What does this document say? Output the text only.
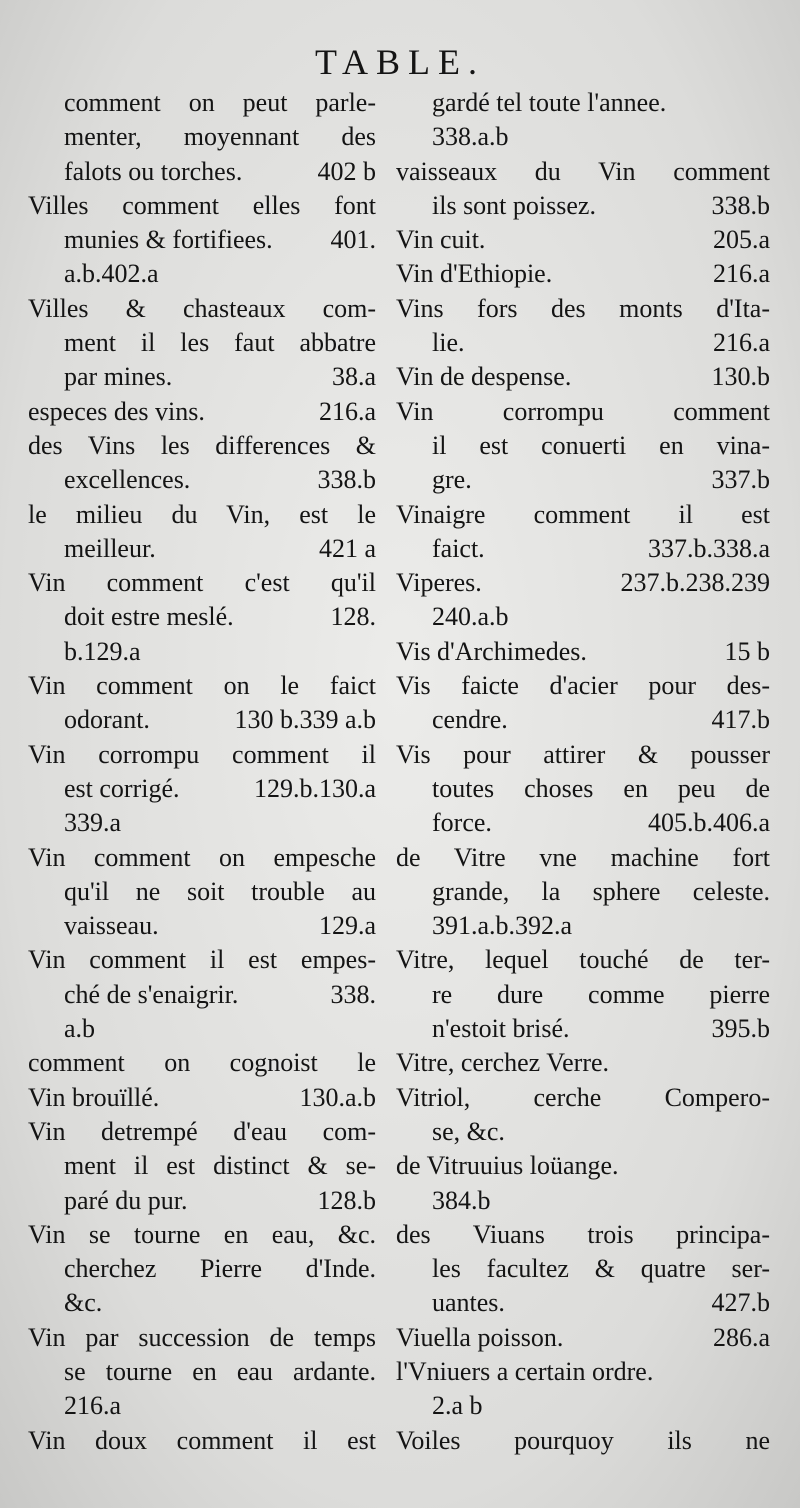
TABLE.
comment on peut parle-
menter, moyennant des
falots ou torches.	402 b
Villes comment elles font
munies & fortifiees. 401.
a.b.402.a
Villes & chasteaux com-
ment il les faut abbatre
par mines.	38.a
especes des vins.	216.a
des Vins les differences &
excellences.	338.b
le milieu du Vin, est le
meilleur.	421 a
Vin comment c'est qu'il
doit estre meslé.	128.
b.129.a
Vin comment on le faict
odorant.	130 b.339 a.b
Vin corrompu comment il
est corrigé.	129.b.130.a
339.a
Vin comment on empesche
qu'il ne soit trouble au
vaisseau.	129.a
Vin comment il est empes-
ché de s'enaigrir.	338.
a.b
comment on cognoist le
Vin brouïllé.	130.a.b
Vin detrempé d'eau com-
ment il est distinct & se-
paré du pur.	128.b
Vin se tourne en eau, &c.
cherchez Pierre d'Inde.
&c.
Vin par succession de temps
se tourne en eau ardante.
216.a
Vin doux comment il est
gardé tel toute l'annee.
338.a.b
vaisseaux du Vin comment
ils sont poissez.	338.b
Vin cuit.	205.a
Vin d'Ethiopie.	216.a
Vins fors des monts d'Ita-
lie.	216.a
Vin de despense.	130.b
Vin corrompu comment
il est conuerti en vina-
gre.	337.b
Vinaigre comment il est
faict.	337.b.338.a
Viperes.	237.b.238.239
240.a.b
Vis d'Archimedes.	15 b
Vis faicte d'acier pour des-
cendre.	417.b
Vis pour attirer & pousser
toutes choses en peu de
force.	405.b.406.a
de Vitre vne machine fort
grande, la sphere celeste.
391.a.b.392.a
Vitre, lequel touché de ter-
re dure comme pierre
n'estoit brisé.	395.b
Vitre, cerchez Verre.
Vitriol, cerche Compero-
se, &c.
de Vitruuius loüange.
384.b
des Viuans trois principa-
les facultez & quatre ser-
uantes.	427.b
Viuella poisson.	286.a
l'Vniuers a certain ordre.
2.a b
Voiles pourquoy ils ne
